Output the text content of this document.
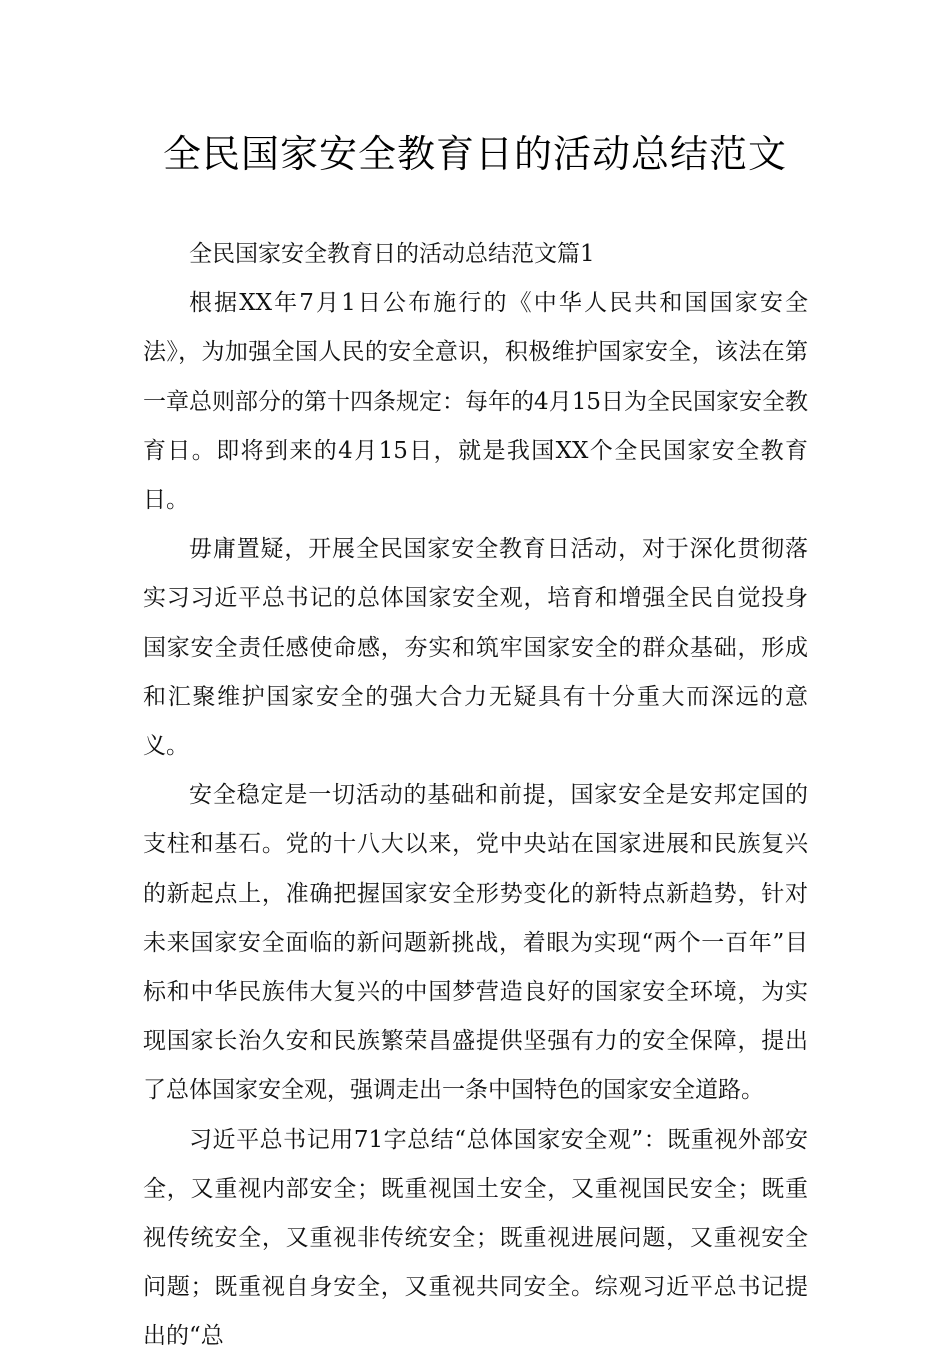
全民国家安全教育日的活动总结范文

全民国家安全教育日的活动总结范文篇1

根据XX年7月1日公布施行的《中华人民共和国国家安全法》，为加强全国人民的安全意识，积极维护国家安全，该法在第一章总则部分的第十四条规定：每年的4月15日为全民国家安全教育日。即将到来的4月15日，就是我国XX个全民国家安全教育日。

毋庸置疑，开展全民国家安全教育日活动，对于深化贯彻落实习习近平总书记的总体国家安全观，培育和增强全民自觉投身国家安全责任感使命感，夯实和筑牢国家安全的群众基础，形成和汇聚维护国家安全的强大合力无疑具有十分重大而深远的意义。

安全稳定是一切活动的基础和前提，国家安全是安邦定国的支柱和基石。党的十八大以来，党中央站在国家进展和民族复兴的新起点上，准确把握国家安全形势变化的新特点新趋势，针对未来国家安全面临的新问题新挑战，着眼为实现“两个一百年”目标和中华民族伟大复兴的中国梦营造良好的国家安全环境，为实现国家长治久安和民族繁荣昌盛提供坚强有力的安全保障，提出了总体国家安全观，强调走出一条中国特色的国家安全道路。

习近平总书记用71字总结“总体国家安全观”：既重视外部安全，又重视内部安全；既重视国土安全，又重视国民安全；既重视传统安全，又重视非传统安全；既重视进展问题，又重视安全问题；既重视自身安全，又重视共同安全。综观习近平总书记提出的“总
